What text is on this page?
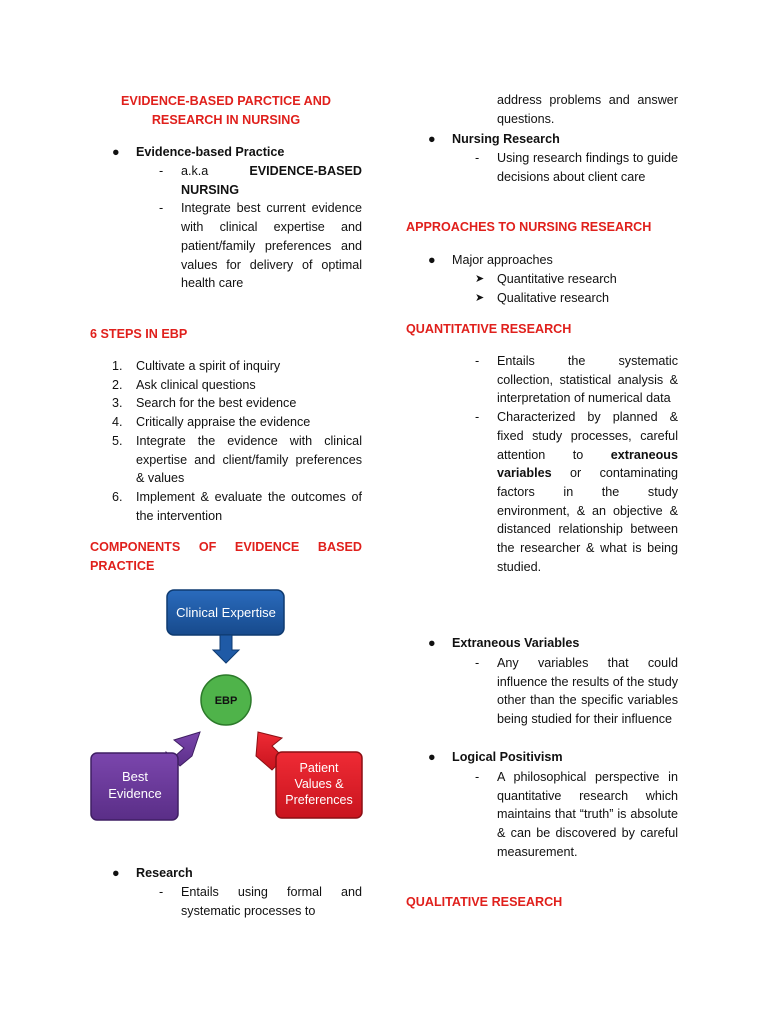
EVIDENCE-BASED PARCTICE AND RESEARCH IN NURSING
● Evidence-based Practice
- a.k.a	EVIDENCE-BASED NURSING
- Integrate best current evidence with clinical expertise and patient/family preferences and values for delivery of optimal health care
6 STEPS IN EBP
1. Cultivate a spirit of inquiry
2. Ask clinical questions
3. Search for the best evidence
4. Critically appraise the evidence
5. Integrate the evidence with clinical expertise and client/family preferences & values
6. Implement & evaluate the outcomes of the intervention
COMPONENTS OF EVIDENCE BASED PRACTICE
Clinical Expertise
EBP
Best
Evidence
Patient
Values &
Preferences
● Research
- Entails using formal and systematic processes to
address problems and answer questions.
● Nursing Research
- Using research findings to guide decisions about client care
APPROACHES TO NURSING RESEARCH
● Major approaches
➤ Quantitative research
➤ Qualitative research
QUANTITATIVE RESEARCH
- Entails the systematic collection, statistical analysis & interpretation of numerical data
- Characterized by planned & fixed study processes, careful attention to extraneous variables or contaminating factors in the study environment, & an objective & distanced relationship between the researcher & what is being studied.
● Extraneous Variables
- Any variables that could influence the results of the study other than the specific variables being studied for their influence
● Logical Positivism
- A philosophical perspective in quantitative research which maintains that “truth” is absolute & can be discovered by careful measurement.
QUALITATIVE RESEARCH
